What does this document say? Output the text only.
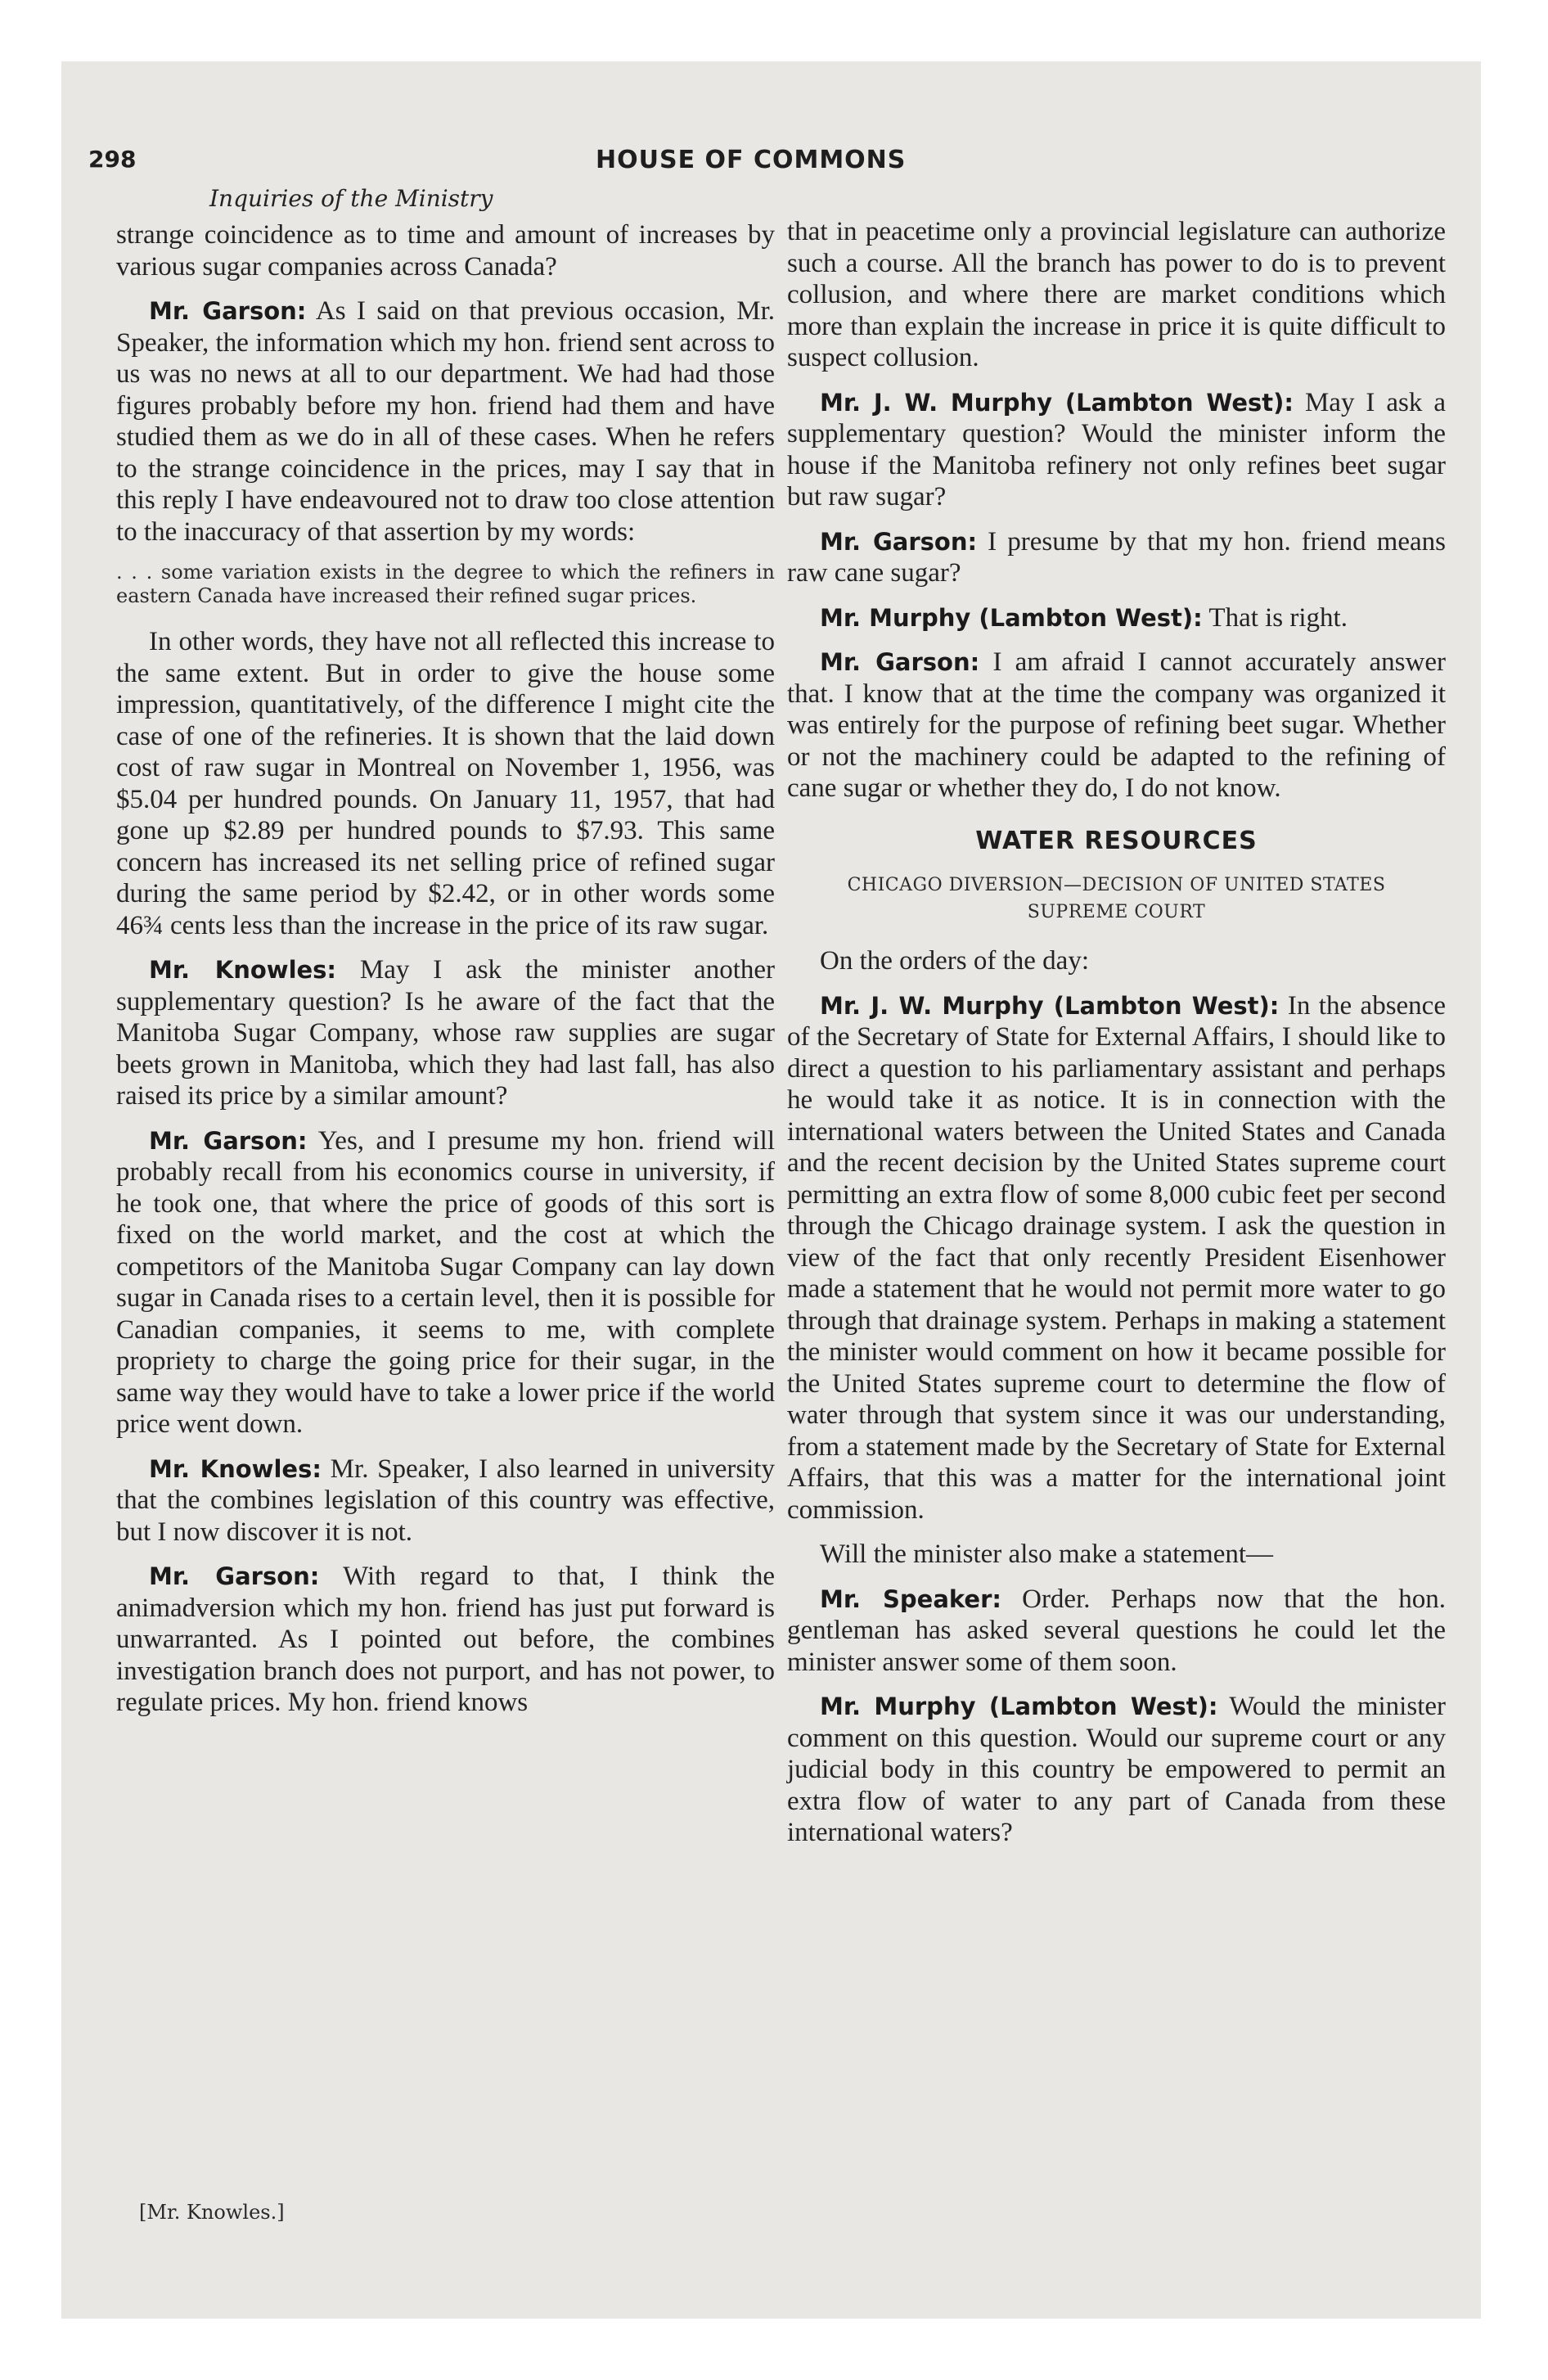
298	HOUSE OF COMMONS
Inquiries of the Ministry

strange coincidence as to time and amount of increases by various sugar companies across Canada?

Mr. Garson: As I said on that previous occasion, Mr. Speaker, the information which my hon. friend sent across to us was no news at all to our department. We had had those figures probably before my hon. friend had them and have studied them as we do in all of these cases. When he refers to the strange coincidence in the prices, may I say that in this reply I have endeavoured not to draw too close attention to the inaccuracy of that assertion by my words:

. . . some variation exists in the degree to which the refiners in eastern Canada have increased their refined sugar prices.

In other words, they have not all reflected this increase to the same extent. But in order to give the house some impression, quantitatively, of the difference I might cite the case of one of the refineries. It is shown that the laid down cost of raw sugar in Montreal on November 1, 1956, was $5.04 per hundred pounds. On January 11, 1957, that had gone up $2.89 per hundred pounds to $7.93. This same concern has increased its net selling price of refined sugar during the same period by $2.42, or in other words some 46¾ cents less than the increase in the price of its raw sugar.

Mr. Knowles: May I ask the minister another supplementary question? Is he aware of the fact that the Manitoba Sugar Company, whose raw supplies are sugar beets grown in Manitoba, which they had last fall, has also raised its price by a similar amount?

Mr. Garson: Yes, and I presume my hon. friend will probably recall from his economics course in university, if he took one, that where the price of goods of this sort is fixed on the world market, and the cost at which the competitors of the Manitoba Sugar Company can lay down sugar in Canada rises to a certain level, then it is possible for Canadian companies, it seems to me, with complete propriety to charge the going price for their sugar, in the same way they would have to take a lower price if the world price went down.

Mr. Knowles: Mr. Speaker, I also learned in university that the combines legislation of this country was effective, but I now discover it is not.

Mr. Garson: With regard to that, I think the animadversion which my hon. friend has just put forward is unwarranted. As I pointed out before, the combines investigation branch does not purport, and has not power, to regulate prices. My hon. friend knows

that in peacetime only a provincial legislature can authorize such a course. All the branch has power to do is to prevent collusion, and where there are market conditions which more than explain the increase in price it is quite difficult to suspect collusion.

Mr. J. W. Murphy (Lambton West): May I ask a supplementary question? Would the minister inform the house if the Manitoba refinery not only refines beet sugar but raw sugar?

Mr. Garson: I presume by that my hon. friend means raw cane sugar?

Mr. Murphy (Lambton West): That is right.

Mr. Garson: I am afraid I cannot accurately answer that. I know that at the time the company was organized it was entirely for the purpose of refining beet sugar. Whether or not the machinery could be adapted to the refining of cane sugar or whether they do, I do not know.

WATER RESOURCES
CHICAGO DIVERSION—DECISION OF UNITED STATES
SUPREME COURT

On the orders of the day:

Mr. J. W. Murphy (Lambton West): In the absence of the Secretary of State for External Affairs, I should like to direct a question to his parliamentary assistant and perhaps he would take it as notice. It is in connection with the international waters between the United States and Canada and the recent decision by the United States supreme court permitting an extra flow of some 8,000 cubic feet per second through the Chicago drainage system. I ask the question in view of the fact that only recently President Eisenhower made a statement that he would not permit more water to go through that drainage system. Perhaps in making a statement the minister would comment on how it became possible for the United States supreme court to determine the flow of water through that system since it was our understanding, from a statement made by the Secretary of State for External Affairs, that this was a matter for the international joint commission.

Will the minister also make a statement—

Mr. Speaker: Order. Perhaps now that the hon. gentleman has asked several questions he could let the minister answer some of them soon.

Mr. Murphy (Lambton West): Would the minister comment on this question. Would our supreme court or any judicial body in this country be empowered to permit an extra flow of water to any part of Canada from these international waters?

[Mr. Knowles.]
